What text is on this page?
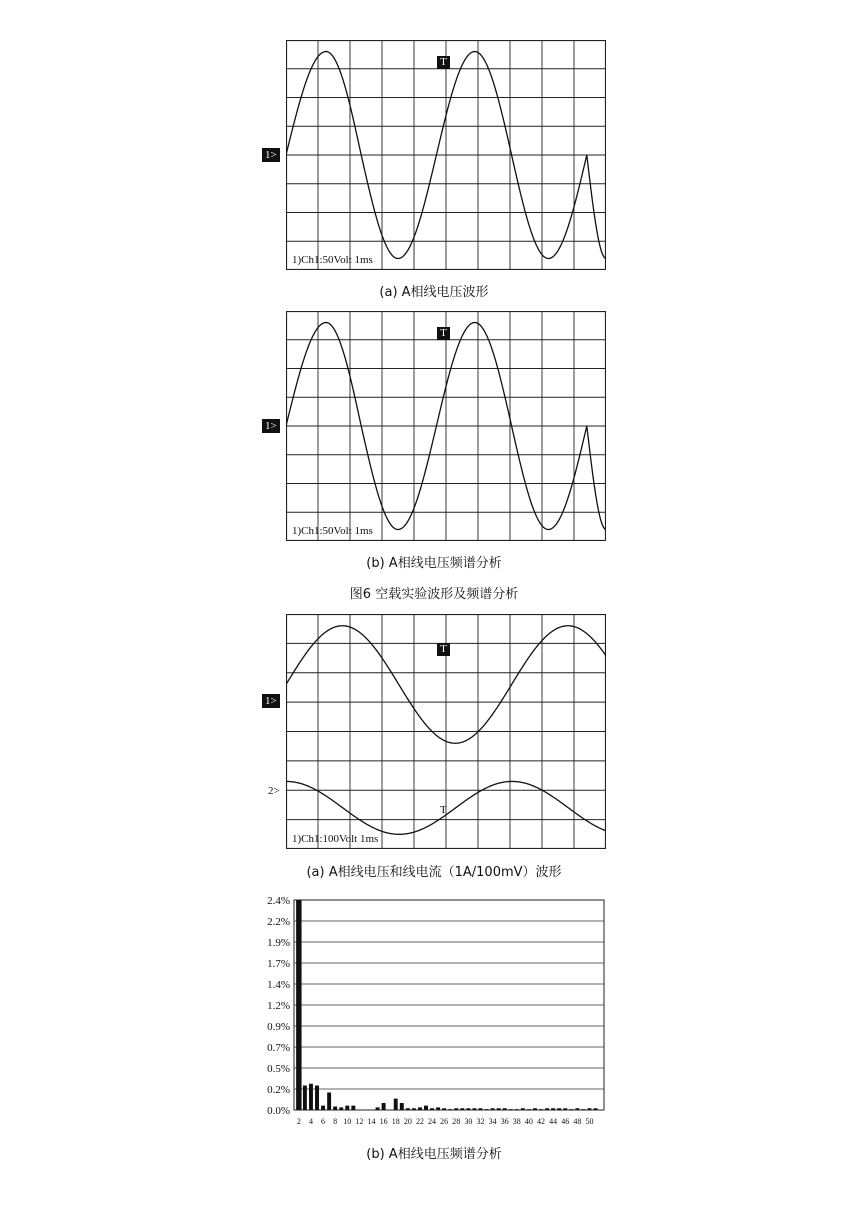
1>
T
1)Ch1:50Volt 1ms
(a) A相线电压波形
1>
T
1)Ch1:50Volt 1ms
(b) A相线电压频谱分析
图6 空载实验波形及频谱分析
1>
2>
T
T
1)Ch1:100Volt 1ms
(a) A相线电压和线电流（1A/100mV）波形
0.0%
0.2%
0.5%
0.7%
0.9%
1.2%
1.4%
1.7%
1.9%
2.2%
2.4%
2 4 6 8 10 12 14 16 18 20 22 24 26 28 30 32 34 36 38 40 42 44 46 48 50
(b) A相线电压频谱分析
